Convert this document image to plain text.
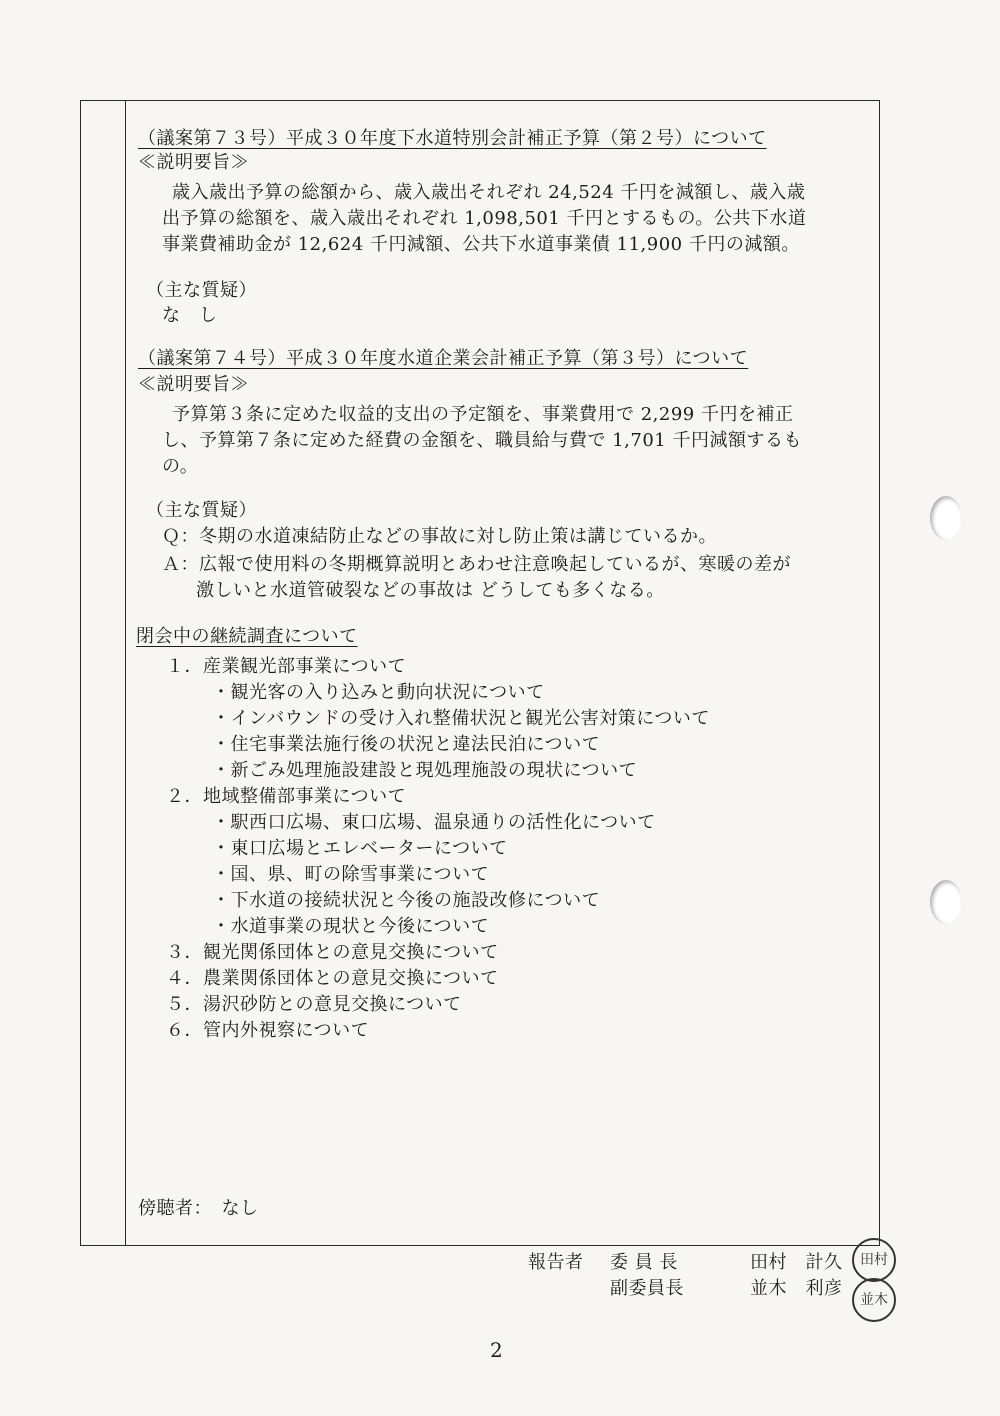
（議案第７３号）平成３０年度下水道特別会計補正予算（第２号）について
≪説明要旨≫
歳入歳出予算の総額から、歳入歳出それぞれ 24,524 千円を減額し、歳入歳
出予算の総額を、歳入歳出それぞれ 1,098,501 千円とするもの。公共下水道
事業費補助金が 12,624 千円減額、公共下水道事業債 11,900 千円の減額。
（主な質疑）
な　し
（議案第７４号）平成３０年度水道企業会計補正予算（第３号）について
≪説明要旨≫
予算第３条に定めた収益的支出の予定額を、事業費用で 2,299 千円を補正
し、予算第７条に定めた経費の金額を、職員給与費で 1,701 千円減額するも
の。
（主な質疑）
Ｑ：冬期の水道凍結防止などの事故に対し防止策は講じているか。
Ａ：広報で使用料の冬期概算説明とあわせ注意喚起しているが、寒暖の差が
激しいと水道管破裂などの事故は どうしても多くなる。
閉会中の継続調査について
１．産業観光部事業について
・観光客の入り込みと動向状況について
・インバウンドの受け入れ整備状況と観光公害対策について
・住宅事業法施行後の状況と違法民泊について
・新ごみ処理施設建設と現処理施設の現状について
２．地域整備部事業について
・駅西口広場、東口広場、温泉通りの活性化について
・東口広場とエレベーターについて
・国、県、町の除雪事業について
・下水道の接続状況と今後の施設改修について
・水道事業の現状と今後について
３．観光関係団体との意見交換について
４．農業関係団体との意見交換について
５．湯沢砂防との意見交換について
６．管内外視察について
傍聴者：　なし
報告者 委 員 長	田村　計久
副委員長	並木　利彦
田村
並木
2
